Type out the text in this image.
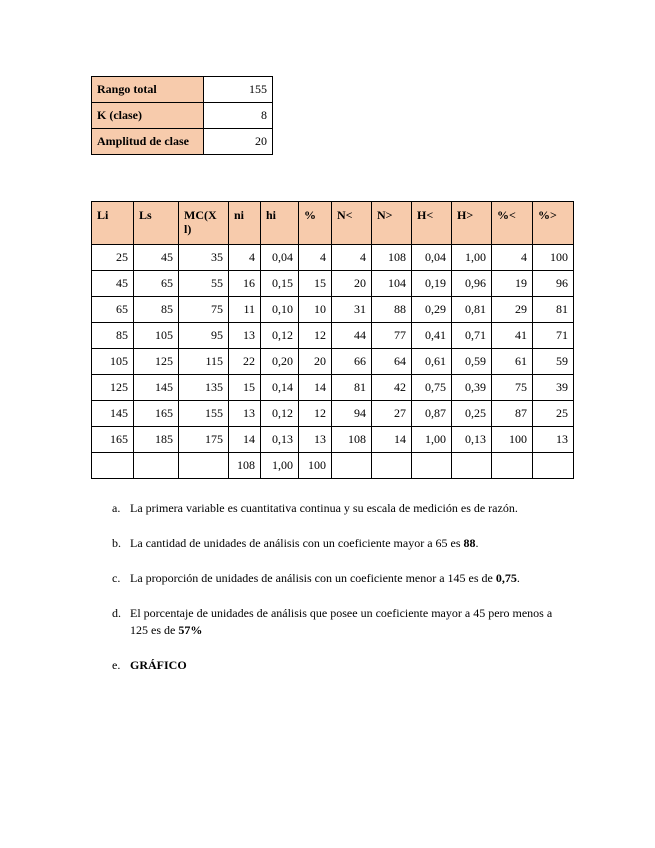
Rango total	155
K (clase)	8
Amplitud de clase	20
Li	Ls	MC(Xl)	ni	hi	%	N<	N>	H<	H>	%<	%>
25	45	35	4	0,04	4	4	108	0,04	1,00	4	100
45	65	55	16	0,15	15	20	104	0,19	0,96	19	96
65	85	75	11	0,10	10	31	88	0,29	0,81	29	81
85	105	95	13	0,12	12	44	77	0,41	0,71	41	71
105	125	115	22	0,20	20	66	64	0,61	0,59	61	59
125	145	135	15	0,14	14	81	42	0,75	0,39	75	39
145	165	155	13	0,12	12	94	27	0,87	0,25	87	25
165	185	175	14	0,13	13	108	14	1,00	0,13	100	13
			108	1,00	100						
a. La primera variable es cuantitativa continua y su escala de medición es de razón.
b. La cantidad de unidades de análisis con un coeficiente mayor a 65 es 88.
c. La proporción de unidades de análisis con un coeficiente menor a 145 es de 0,75.
d. El porcentaje de unidades de análisis que posee un coeficiente mayor a 45 pero menos a 125 es de 57%
e. GRÁFICO
